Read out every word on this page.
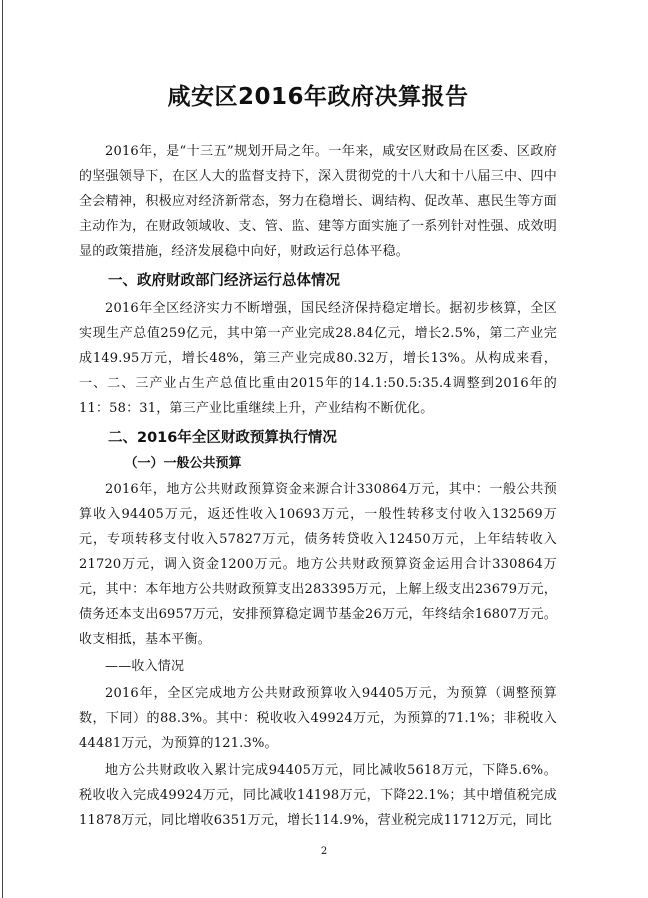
咸安区2016年政府决算报告

2016年，是“十三五”规划开局之年。一年来，咸安区财政局在区委、区政府的坚强领导下，在区人大的监督支持下，深入贯彻党的十八大和十八届三中、四中全会精神，积极应对经济新常态，努力在稳增长、调结构、促改革、惠民生等方面主动作为，在财政领域收、支、管、监、建等方面实施了一系列针对性强、成效明显的政策措施，经济发展稳中向好，财政运行总体平稳。

一、政府财政部门经济运行总体情况

2016年全区经济实力不断增强，国民经济保持稳定增长。据初步核算，全区实现生产总值259亿元，其中第一产业完成28.84亿元，增长2.5%，第二产业完成149.95万元，增长48%，第三产业完成80.32万，增长13%。从构成来看，一、二、三产业占生产总值比重由2015年的14.1:50.5:35.4调整到2016年的11：58：31，第三产业比重继续上升，产业结构不断优化。

二、2016年全区财政预算执行情况
（一）一般公共预算

2016年，地方公共财政预算资金来源合计330864万元，其中：一般公共预算收入94405万元，返还性收入10693万元，一般性转移支付收入132569万元，专项转移支付收入57827万元，债务转贷收入12450万元，上年结转收入21720万元，调入资金1200万元。地方公共财政预算资金运用合计330864万元，其中：本年地方公共财政预算支出283395万元，上解上级支出23679万元，债务还本支出6957万元，安排预算稳定调节基金26万元，年终结余16807万元。收支相抵，基本平衡。

——收入情况

2016年，全区完成地方公共财政预算收入94405万元，为预算（调整预算数，下同）的88.3%。其中：税收收入49924万元，为预算的71.1%；非税收入44481万元，为预算的121.3%。

地方公共财政收入累计完成94405万元，同比减收5618万元，下降5.6%。税收收入完成49924万元，同比减收14198万元，下降22.1%；其中增值税完成11878万元，同比增收6351万元，增长114.9%，营业税完成11712万元，同比

2
